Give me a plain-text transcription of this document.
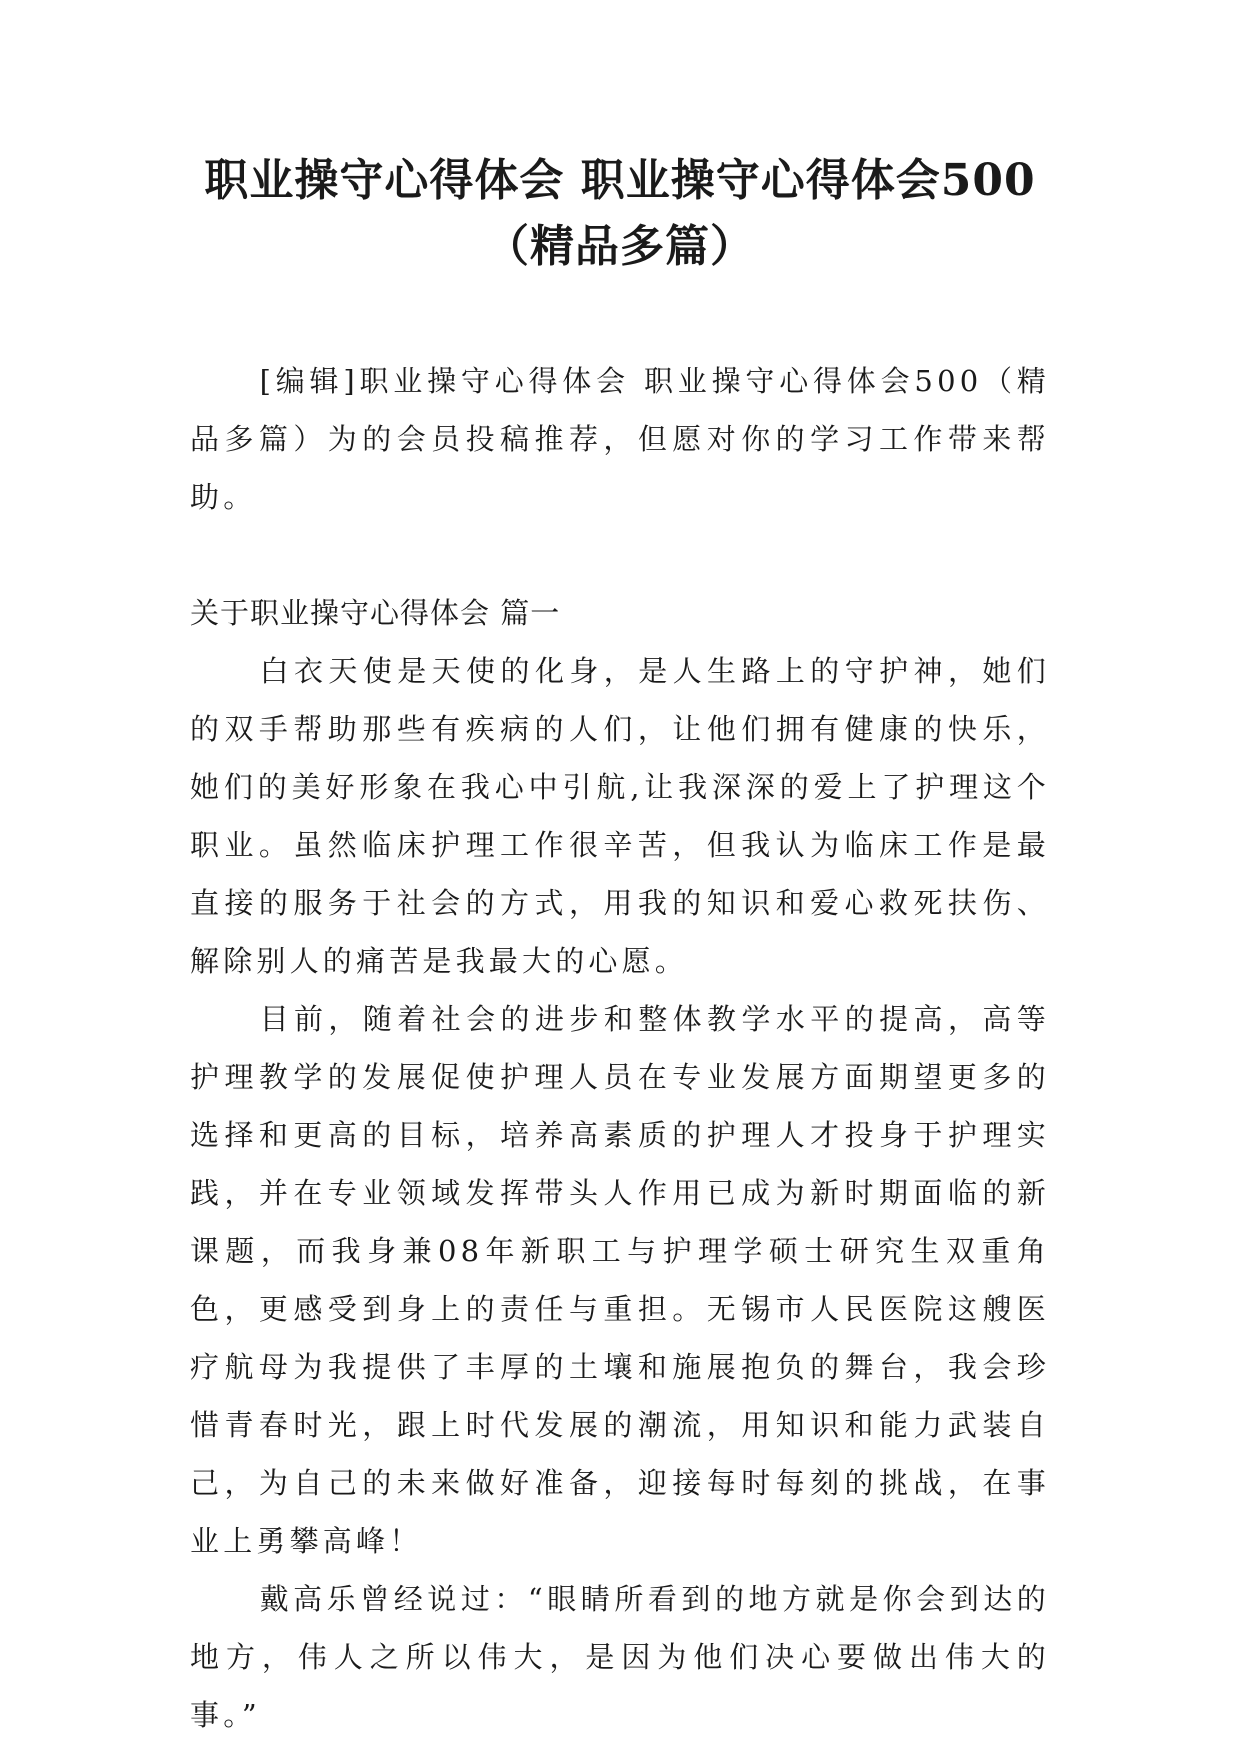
职业操守心得体会 职业操守心得体会500
（精品多篇）

[编辑]职业操守心得体会 职业操守心得体会500（精品多篇）为的会员投稿推荐，但愿对你的学习工作带来帮助。

关于职业操守心得体会 篇一

白衣天使是天使的化身，是人生路上的守护神，她们的双手帮助那些有疾病的人们，让他们拥有健康的快乐，她们的美好形象在我心中引航,让我深深的爱上了护理这个职业。虽然临床护理工作很辛苦，但我认为临床工作是最直接的服务于社会的方式，用我的知识和爱心救死扶伤、解除别人的痛苦是我最大的心愿。

目前，随着社会的进步和整体教学水平的提高，高等护理教学的发展促使护理人员在专业发展方面期望更多的选择和更高的目标，培养高素质的护理人才投身于护理实践，并在专业领域发挥带头人作用已成为新时期面临的新课题，而我身兼08年新职工与护理学硕士研究生双重角色，更感受到身上的责任与重担。无锡市人民医院这艘医疗航母为我提供了丰厚的土壤和施展抱负的舞台，我会珍惜青春时光，跟上时代发展的潮流，用知识和能力武装自己，为自己的未来做好准备，迎接每时每刻的挑战，在事业上勇攀高峰！

戴高乐曾经说过：“眼睛所看到的地方就是你会到达的地方，伟人之所以伟大，是因为他们决心要做出伟大的事。”
